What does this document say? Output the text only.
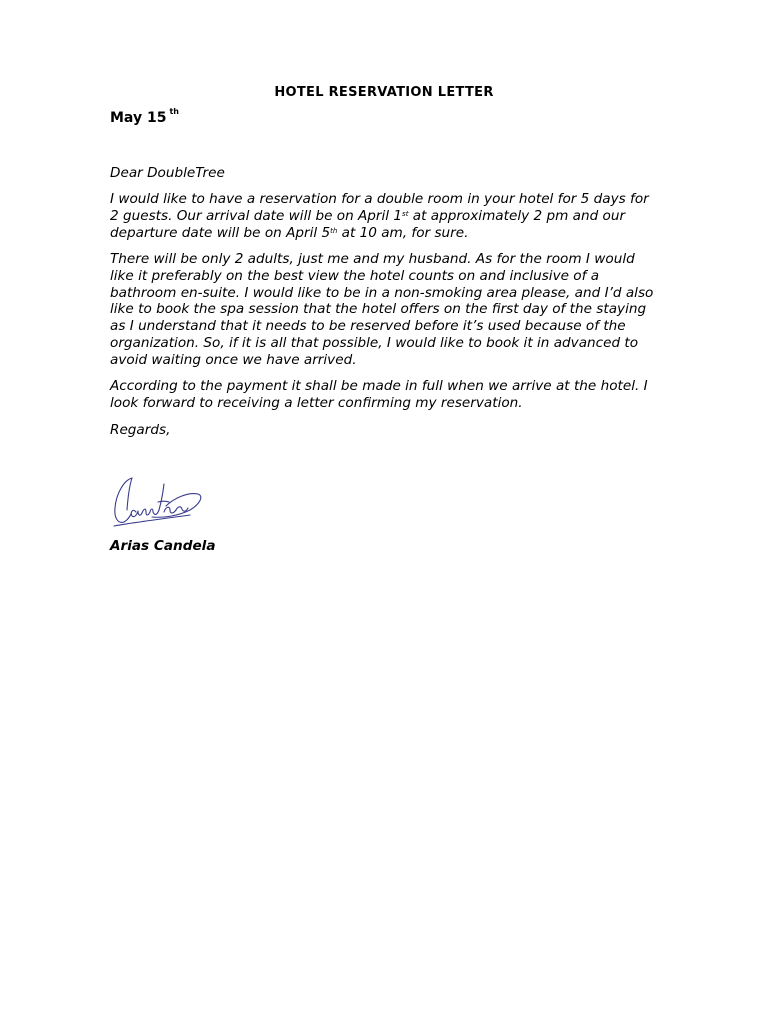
HOTEL RESERVATION LETTER
May 15 $^{th}$

Dear DoubleTree

I would like to have a reservation for a double room in your hotel for 5 days for 2 guests. Our arrival date will be on April 1st at approximately 2 pm and our departure date will be on April 5th at 10 am, for sure.

There will be only 2 adults, just me and my husband. As for the room I would like it preferably on the best view the hotel counts on and inclusive of a bathroom en-suite. I would like to be in a non-smoking area please, and I’d also like to book the spa session that the hotel offers on the first day of the staying as I understand that it needs to be reserved before it’s used because of the organization. So, if it is all that possible, I would like to book it in advanced to avoid waiting once we have arrived.

According to the payment it shall be made in full when we arrive at the hotel. I look forward to receiving a letter confirming my reservation.

Regards,

Arias Candela
